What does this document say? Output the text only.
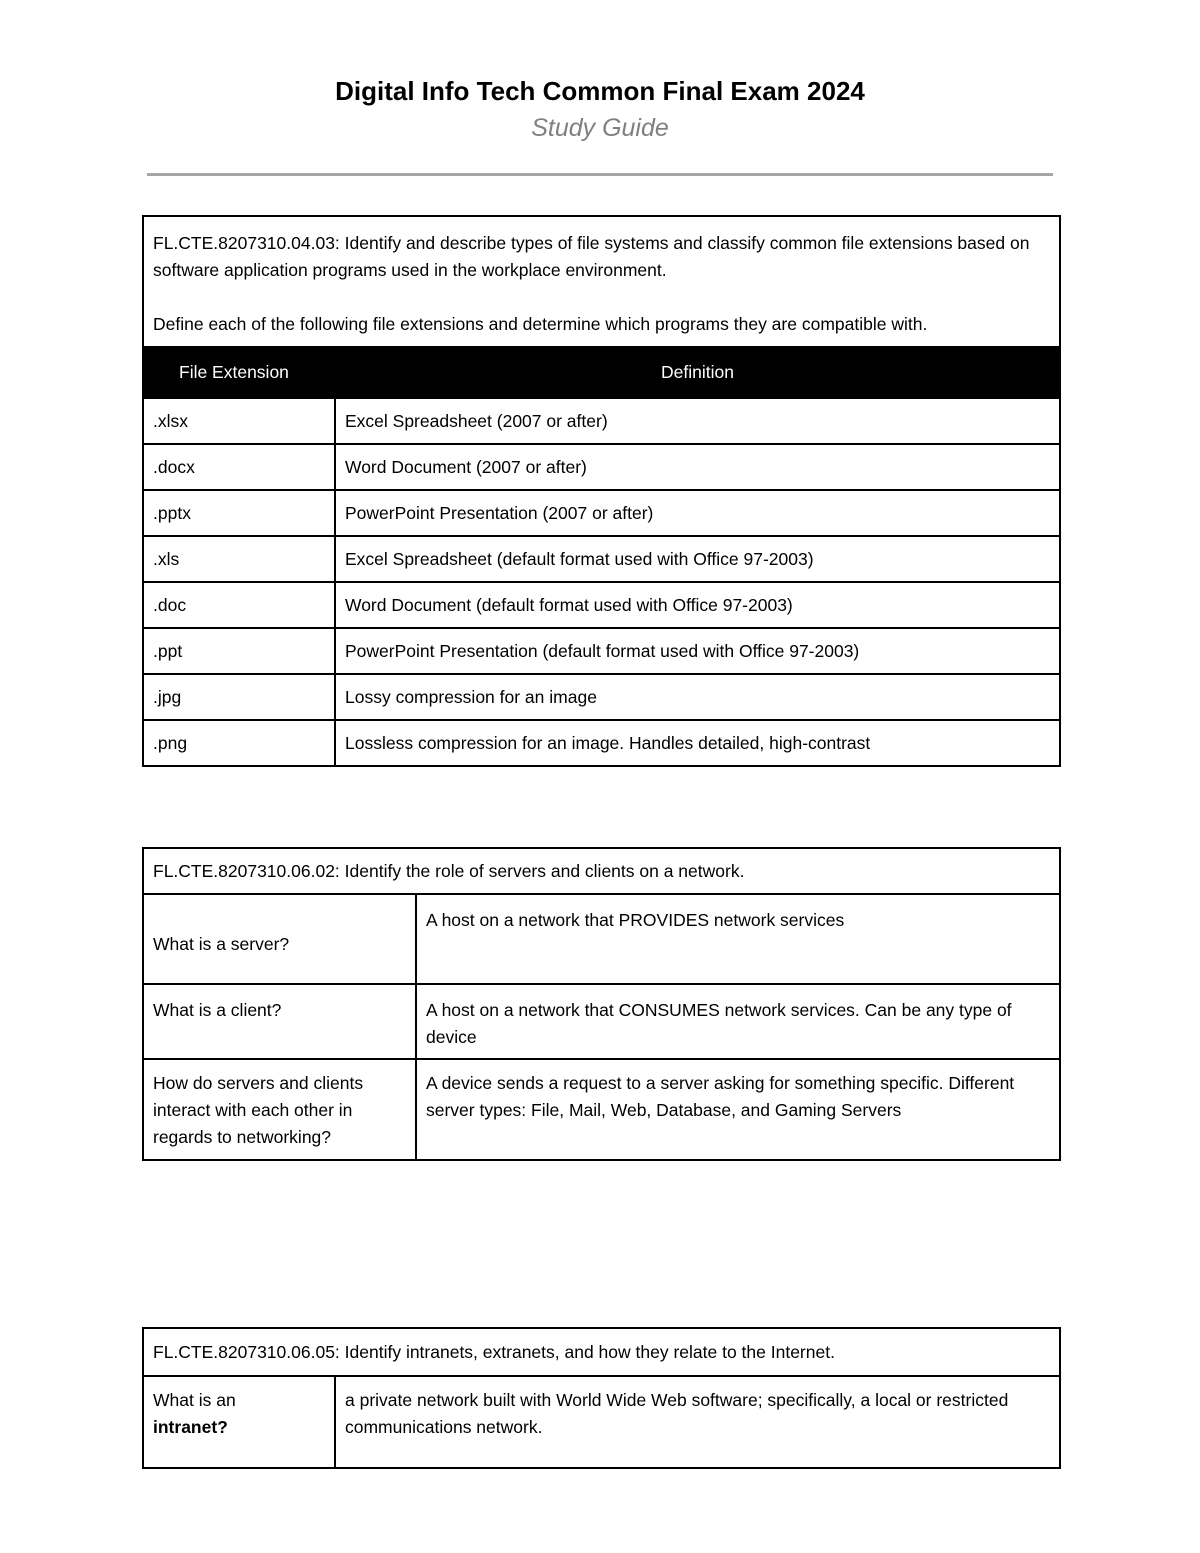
Digital Info Tech Common Final Exam 2024
Study Guide

FL.CTE.8207310.04.03: Identify and describe types of file systems and classify common file extensions based on software application programs used in the workplace environment.

Define each of the following file extensions and determine which programs they are compatible with.	

File Extension	Definition
.xlsx	Excel Spreadsheet (2007 or after)
.docx	Word Document (2007 or after)
.pptx	PowerPoint Presentation (2007 or after)
.xls	Excel Spreadsheet (default format used with Office 97-2003)
.doc	Word Document (default format used with Office 97-2003)
.ppt	PowerPoint Presentation (default format used with Office 97-2003)
.jpg	Lossy compression for an image
.png	Lossless compression for an image. Handles detailed, high-contrast
FL.CTE.8207310.06.02: Identify the role of servers and clients on a network.	
What is a server?	A host on a network that PROVIDES network services
What is a client?	A host on a network that CONSUMES network services. Can be any type of device
How do servers and clients interact with each other in regards to networking?	A device sends a request to a server asking for something specific. Different server types: File, Mail, Web, Database, and Gaming Servers
FL.CTE.8207310.06.05: Identify intranets, extranets, and how they relate to the Internet.
What is an
intranet?	a private network built with World Wide Web software; specifically, a local or restricted communications network.
